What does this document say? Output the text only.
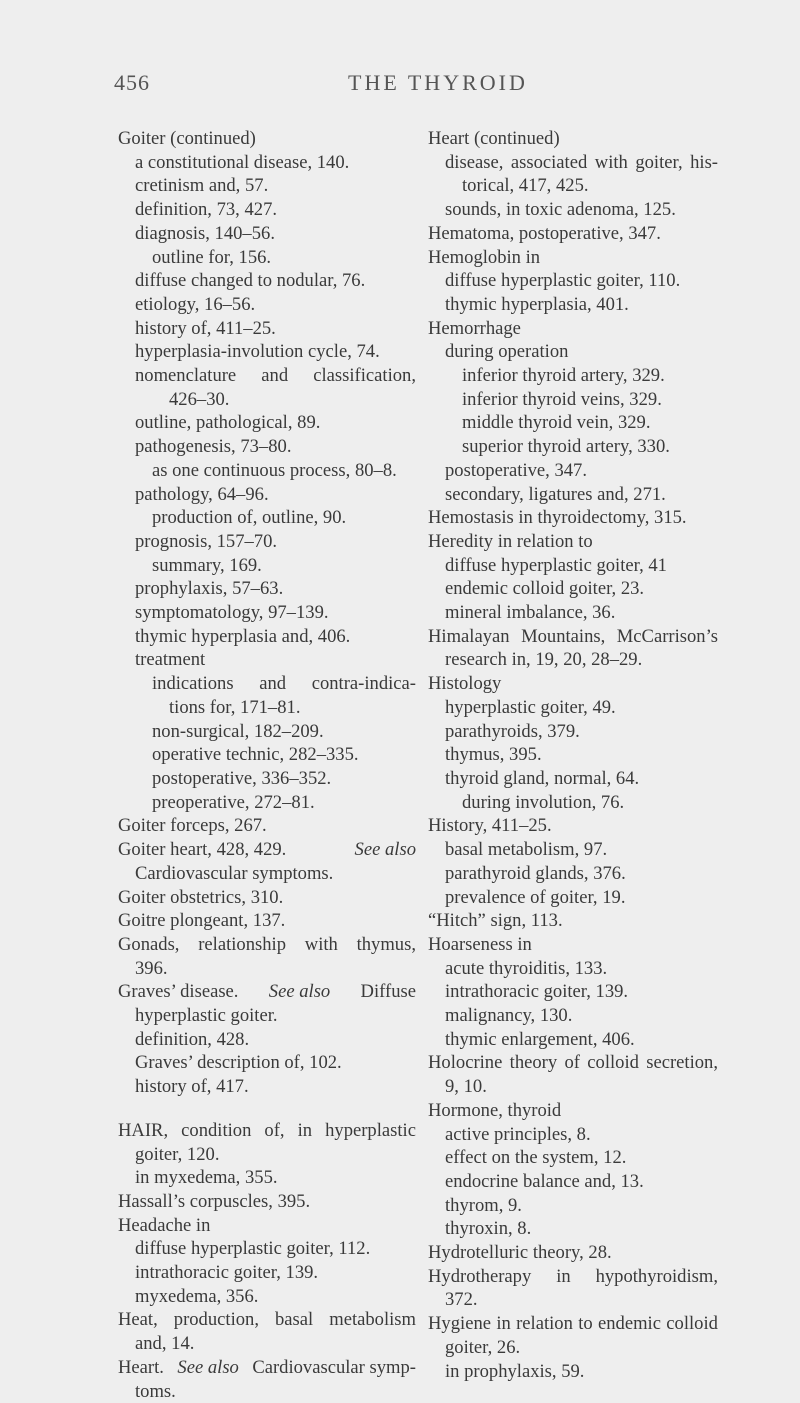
456	THE THYROID
Goiter (continued)
a constitutional disease, 140.
cretinism and, 57.
definition, 73, 427.
diagnosis, 140–56.
outline for, 156.
diffuse changed to nodular, 76.
etiology, 16–56.
history of, 411–25.
hyperplasia-involution cycle, 74.
nomenclature and classification,
426–30.
outline, pathological, 89.
pathogenesis, 73–80.
as one continuous process, 80–8.
pathology, 64–96.
production of, outline, 90.
prognosis, 157–70.
summary, 169.
prophylaxis, 57–63.
symptomatology, 97–139.
thymic hyperplasia and, 406.
treatment
indications and contra-indica-
tions for, 171–81.
non-surgical, 182–209.
operative technic, 282–335.
postoperative, 336–352.
preoperative, 272–81.
Goiter forceps, 267.
Goiter heart, 428, 429.	See also
Cardiovascular symptoms.
Goiter obstetrics, 310.
Goitre plongeant, 137.
Gonads, relationship with thymus,
396.
Graves’ disease. See also Diffuse
hyperplastic goiter.
definition, 428.
Graves’ description of, 102.
history of, 417.
HAIR, condition of, in hyperplastic
goiter, 120.
in myxedema, 355.
Hassall’s corpuscles, 395.
Headache in
diffuse hyperplastic goiter, 112.
intrathoracic goiter, 139.
myxedema, 356.
Heat, production, basal metabolism
and, 14.
Heart. See also Cardiovascular symp-
toms.
Heart (continued)
disease, associated with goiter, his-
torical, 417, 425.
sounds, in toxic adenoma, 125.
Hematoma, postoperative, 347.
Hemoglobin in
diffuse hyperplastic goiter, 110.
thymic hyperplasia, 401.
Hemorrhage
during operation
inferior thyroid artery, 329.
inferior thyroid veins, 329.
middle thyroid vein, 329.
superior thyroid artery, 330.
postoperative, 347.
secondary, ligatures and, 271.
Hemostasis in thyroidectomy, 315.
Heredity in relation to
diffuse hyperplastic goiter, 41
endemic colloid goiter, 23.
mineral imbalance, 36.
Himalayan Mountains, McCarrison’s
research in, 19, 20, 28–29.
Histology
hyperplastic goiter, 49.
parathyroids, 379.
thymus, 395.
thyroid gland, normal, 64.
during involution, 76.
History, 411–25.
basal metabolism, 97.
parathyroid glands, 376.
prevalence of goiter, 19.
“Hitch” sign, 113.
Hoarseness in
acute thyroiditis, 133.
intrathoracic goiter, 139.
malignancy, 130.
thymic enlargement, 406.
Holocrine theory of colloid secretion,
9, 10.
Hormone, thyroid
active principles, 8.
effect on the system, 12.
endocrine balance and, 13.
thyrom, 9.
thyroxin, 8.
Hydrotelluric theory, 28.
Hydrotherapy in hypothyroidism,
372.
Hygiene in relation to endemic colloid
goiter, 26.
in prophylaxis, 59.
